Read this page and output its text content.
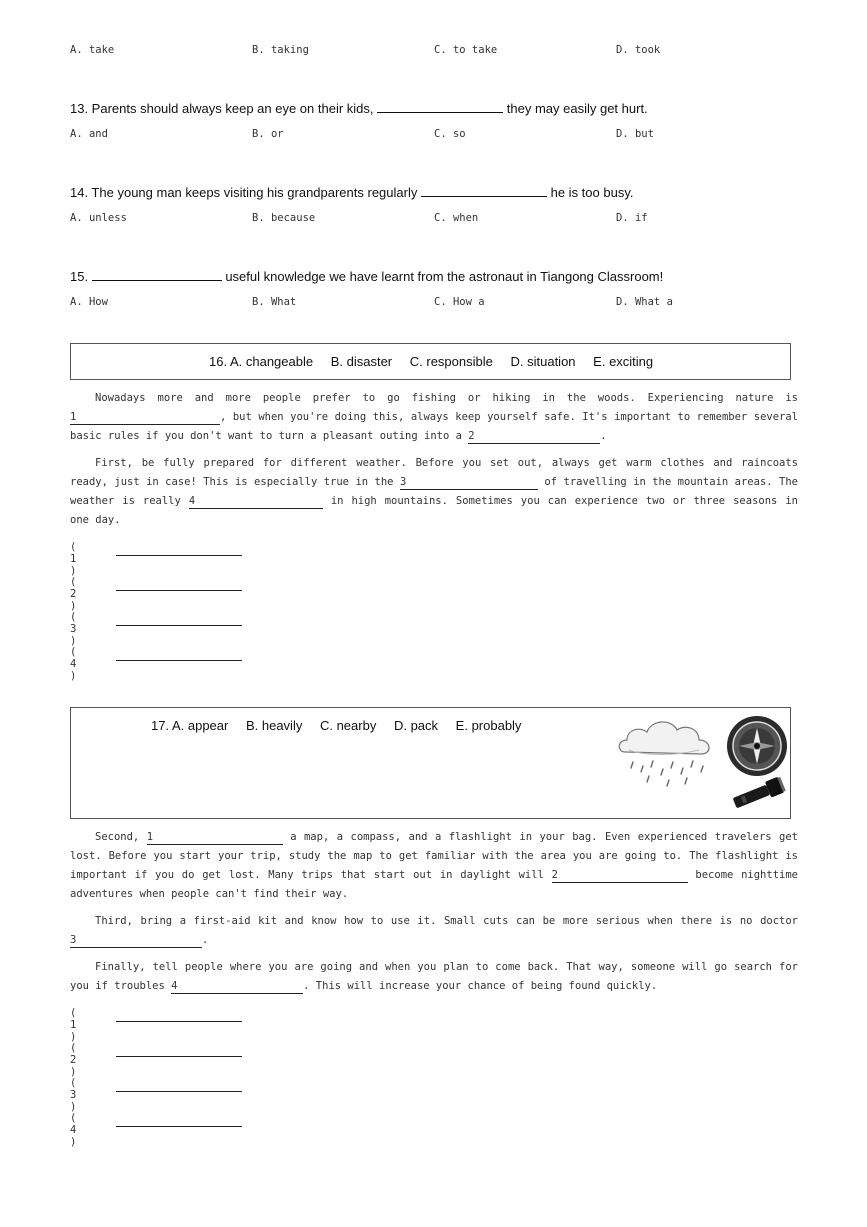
A. take	B. taking	C. to take	D. took
13. Parents should always keep an eye on their kids,	they may easily get hurt.
A. and	B. or	C. so	D. but
14. The young man keeps visiting his grandparents regularly	he is too busy.
A. unless	B. because	C. when	D. if
15.	useful knowledge we have learnt from the astronaut in Tiangong Classroom!
A. How	B. What	C. How a	D. What a
16. A. changeable B. disaster C. responsible D. situation E. exciting

Nowadays more and more people prefer to go fishing or hiking in the woods. Experiencing nature is 1	, but when you're doing this, always keep yourself safe. It's important to remember several basic rules if you don't want to turn a pleasant outing into a 2	.

First, be fully prepared for different weather. Before you set out, always get warm clothes and raincoats ready, just in case! This is especially true in the 3	of travelling in the mountain areas. The weather is really 4	in high mountains. Sometimes you can experience two or three seasons in one day.

( 1 )
( 2 )
( 3 )
( 4 )
17. A. appear B. heavily C. nearby D. pack E. probably

Second, 1	a map, a compass, and a flashlight in your bag. Even experienced travelers get lost. Before you start your trip, study the map to get familiar with the area you are going to. The flashlight is important if you do get lost. Many trips that start out in daylight will 2	become nighttime adventures when people can't find their way.

Third, bring a first-aid kit and know how to use it. Small cuts can be more serious when there is no doctor 3	.

Finally, tell people where you are going and when you plan to come back. That way, someone will go search for you if troubles 4	. This will increase your chance of being found quickly.

( 1 )
( 2 )
( 3 )
( 4 )
